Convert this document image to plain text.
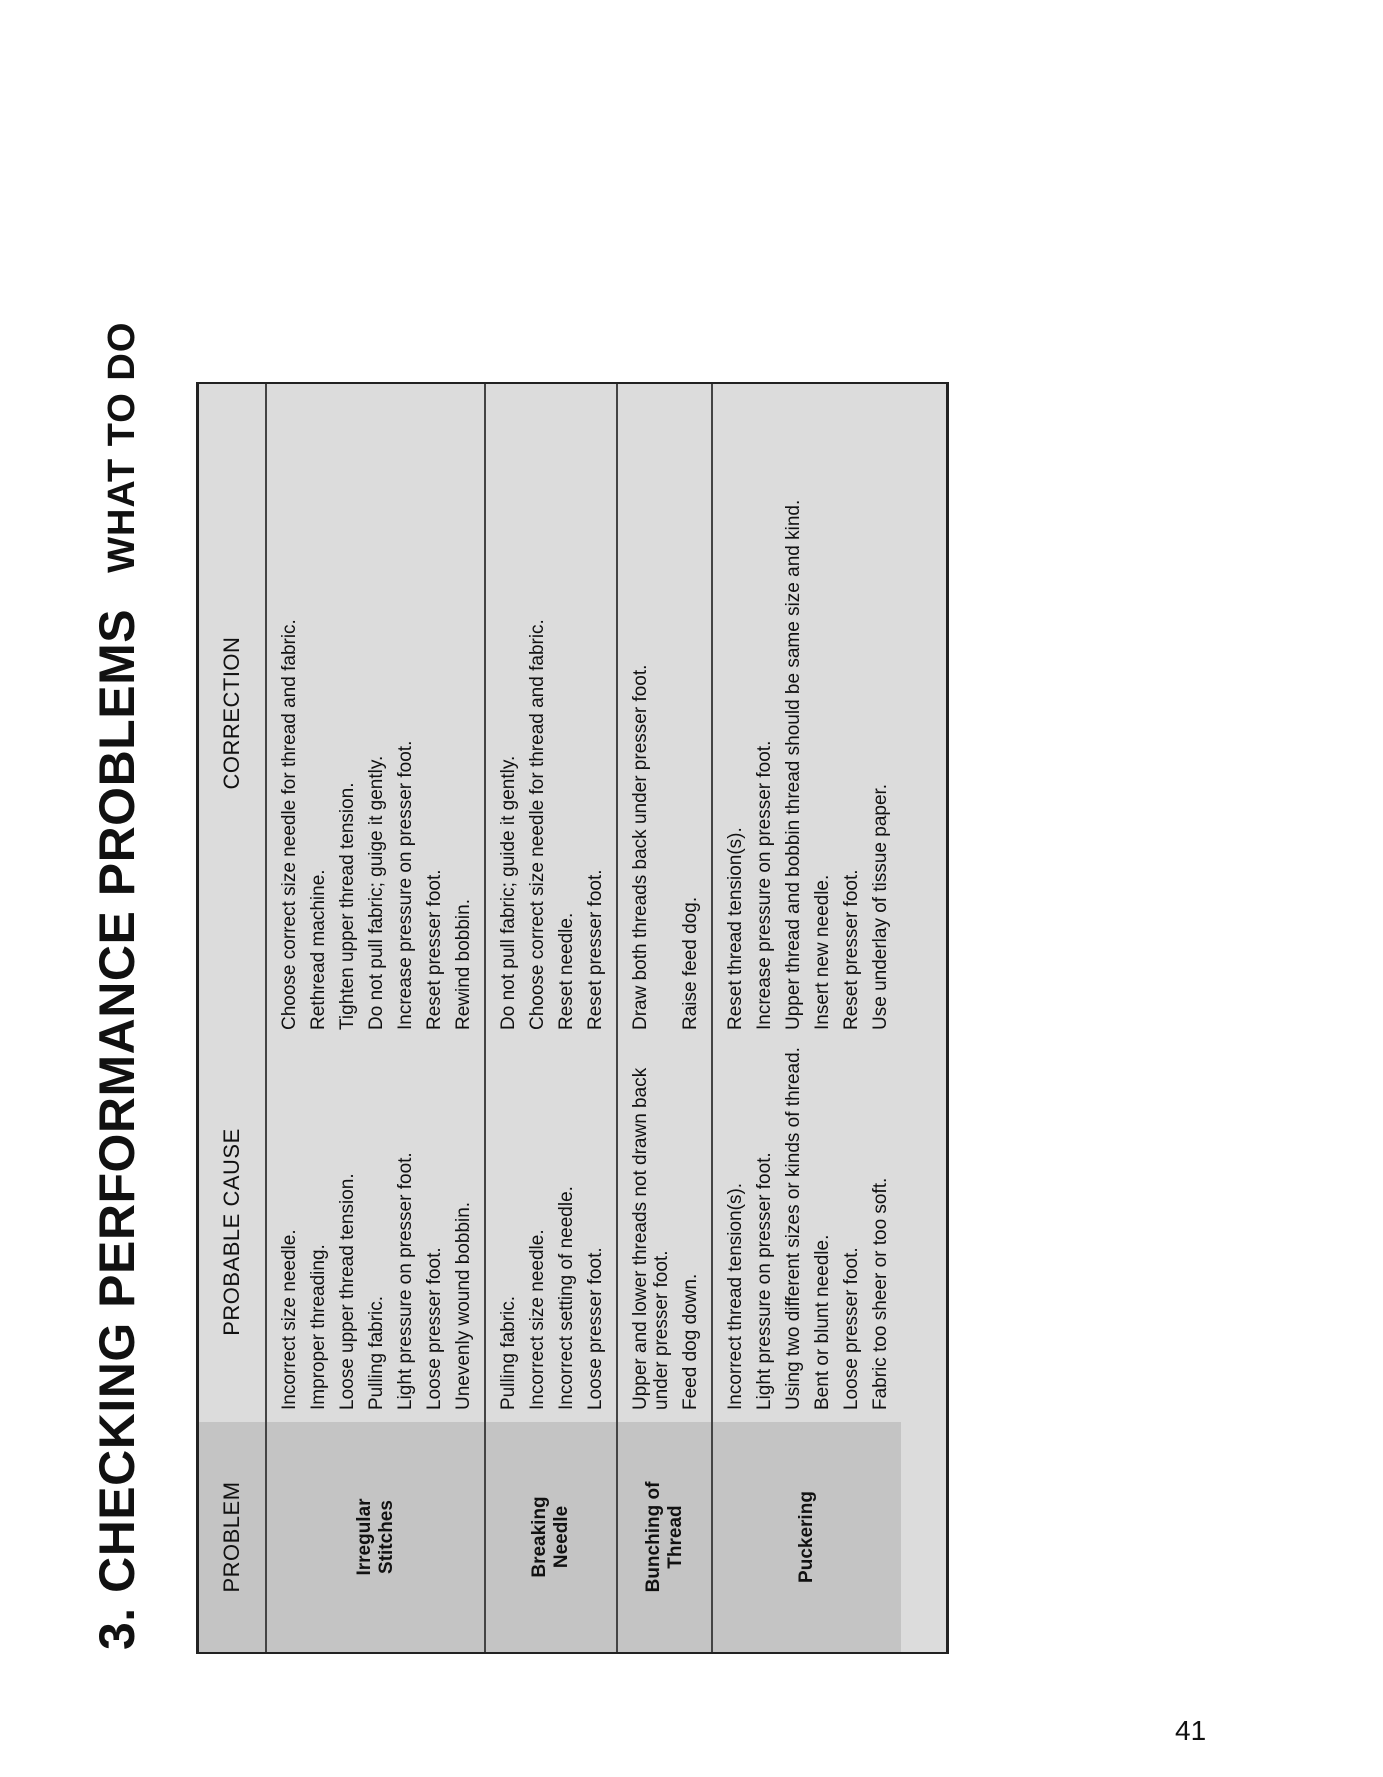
3. CHECKING PERFORMANCE PROBLEMSWHAT TO DO
PROBLEM
PROBABLE CAUSE
CORRECTION
Irregular
Stitches
Incorrect size needle.
Choose correct size needle for thread and fabric.
Improper threading.
Rethread machine.
Loose upper thread tension.
Tighten upper thread tension.
Pulling fabric.
Do not pull fabric; guige it gently.
Light pressure on presser foot.
Increase pressure on presser foot.
Loose presser foot.
Reset presser foot.
Unevenly wound bobbin.
Rewind bobbin.
Breaking
Needle
Pulling fabric.
Do not pull fabric; guide it gently.
Incorrect size needle.
Choose correct size needle for thread and fabric.
Incorrect setting of needle.
Reset needle.
Loose presser foot.
Reset presser foot.
Bunching of
Thread
Upper and lower threads not drawn back under presser foot.
Draw both threads back under presser foot.
Feed dog down.
Raise feed dog.
Puckering
Incorrect thread tension(s).
Reset thread tension(s).
Light pressure on presser foot.
Increase pressure on presser foot.
Using two different sizes or kinds of thread.
Upper thread and bobbin thread should be same size and kind.
Bent or blunt needle.
Insert new needle.
Loose presser foot.
Reset presser foot.
Fabric too sheer or too soft.
Use underlay of tissue paper.
41
